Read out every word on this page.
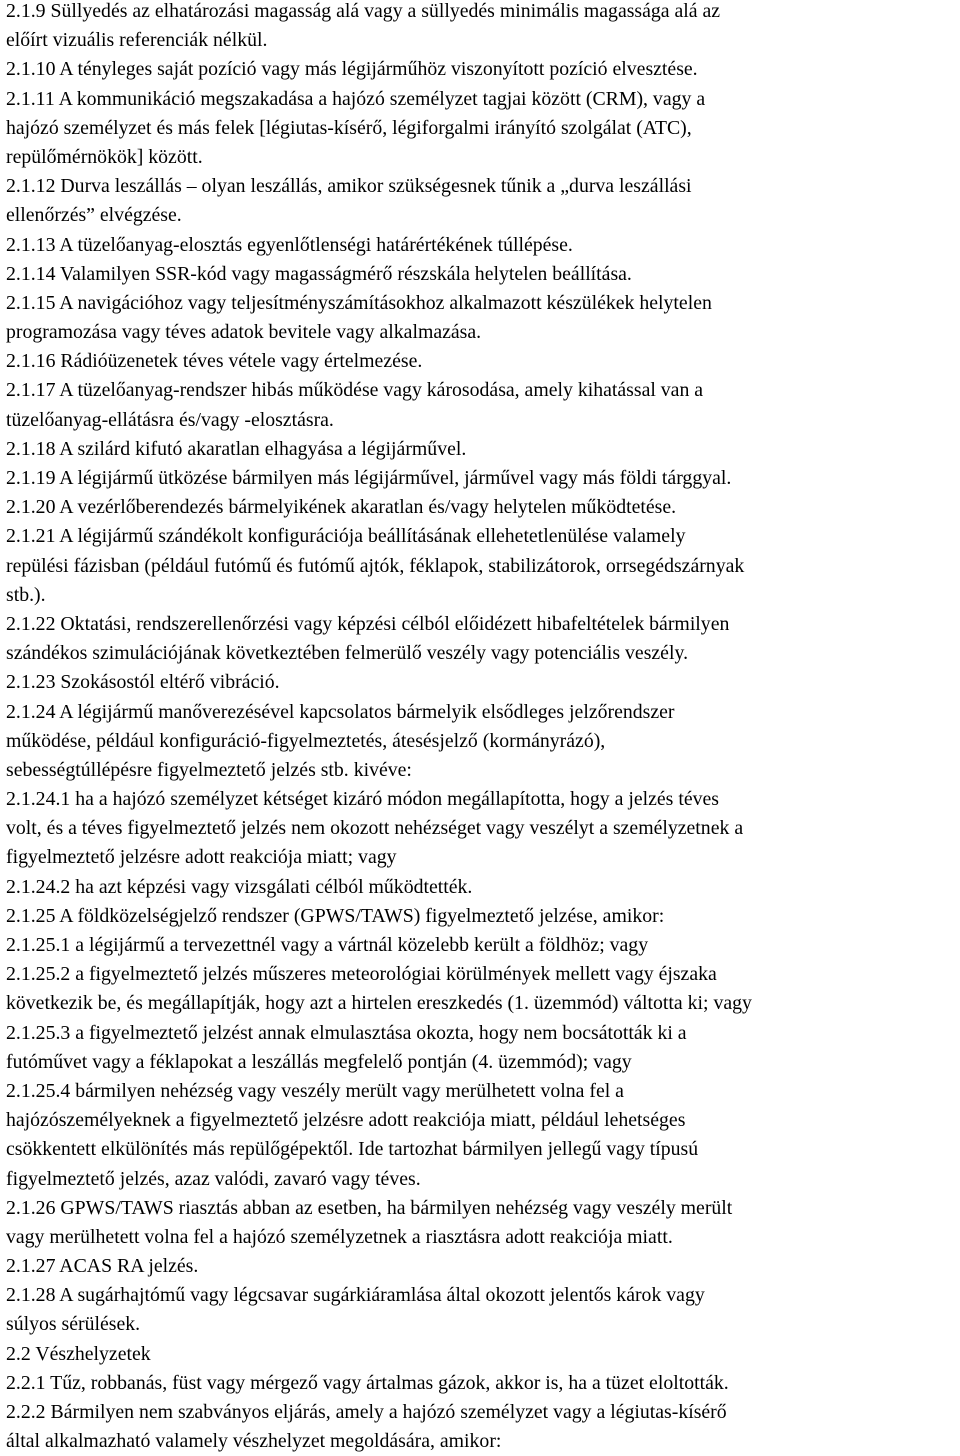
2.1.9 Süllyedés az elhatározási magasság alá vagy a süllyedés minimális magassága alá az
előírt vizuális referenciák nélkül.
2.1.10 A tényleges saját pozíció vagy más légijárműhöz viszonyított pozíció elvesztése.
2.1.11 A kommunikáció megszakadása a hajózó személyzet tagjai között (CRM), vagy a
hajózó személyzet és más felek [légiutas-kísérő, légiforgalmi irányító szolgálat (ATC),
repülőmérnökök] között.
2.1.12 Durva leszállás – olyan leszállás, amikor szükségesnek tűnik a „durva leszállási
ellenőrzés” elvégzése.
2.1.13 A tüzelőanyag-elosztás egyenlőtlenségi határértékének túllépése.
2.1.14 Valamilyen SSR-kód vagy magasságmérő részskála helytelen beállítása.
2.1.15 A navigációhoz vagy teljesítményszámításokhoz alkalmazott készülékek helytelen
programozása vagy téves adatok bevitele vagy alkalmazása.
2.1.16 Rádióüzenetek téves vétele vagy értelmezése.
2.1.17 A tüzelőanyag-rendszer hibás működése vagy károsodása, amely kihatással van a
tüzelőanyag-ellátásra és/vagy -elosztásra.
2.1.18 A szilárd kifutó akaratlan elhagyása a légijárművel.
2.1.19 A légijármű ütközése bármilyen más légijárművel, járművel vagy más földi tárggyal.
2.1.20 A vezérlőberendezés bármelyikének akaratlan és/vagy helytelen működtetése.
2.1.21 A légijármű szándékolt konfigurációja beállításának ellehetetlenülése valamely
repülési fázisban (például futómű és futómű ajtók, féklapok, stabilizátorok, orrsegédszárnyak
stb.).
2.1.22 Oktatási, rendszerellenőrzési vagy képzési célból előidézett hibafeltételek bármilyen
szándékos szimulációjának következtében felmerülő veszély vagy potenciális veszély.
2.1.23 Szokásostól eltérő vibráció.
2.1.24 A légijármű manőverezésével kapcsolatos bármelyik elsődleges jelzőrendszer
működése, például konfiguráció-figyelmeztetés, átesésjelző (kormányrázó),
sebességtúllépésre figyelmeztető jelzés stb. kivéve:
2.1.24.1 ha a hajózó személyzet kétséget kizáró módon megállapította, hogy a jelzés téves
volt, és a téves figyelmeztető jelzés nem okozott nehézséget vagy veszélyt a személyzetnek a
figyelmeztető jelzésre adott reakciója miatt; vagy
2.1.24.2 ha azt képzési vagy vizsgálati célból működtették.
2.1.25 A földközelségjelző rendszer (GPWS/TAWS) figyelmeztető jelzése, amikor:
2.1.25.1 a légijármű a tervezettnél vagy a vártnál közelebb került a földhöz; vagy
2.1.25.2 a figyelmeztető jelzés műszeres meteorológiai körülmények mellett vagy éjszaka
következik be, és megállapítják, hogy azt a hirtelen ereszkedés (1. üzemmód) váltotta ki; vagy
2.1.25.3 a figyelmeztető jelzést annak elmulasztása okozta, hogy nem bocsátották ki a
futóművet vagy a féklapokat a leszállás megfelelő pontján (4. üzemmód); vagy
2.1.25.4 bármilyen nehézség vagy veszély merült vagy merülhetett volna fel a
hajózószemélyeknek a figyelmeztető jelzésre adott reakciója miatt, például lehetséges
csökkentett elkülönítés más repülőgépektől. Ide tartozhat bármilyen jellegű vagy típusú
figyelmeztető jelzés, azaz valódi, zavaró vagy téves.
2.1.26 GPWS/TAWS riasztás abban az esetben, ha bármilyen nehézség vagy veszély merült
vagy merülhetett volna fel a hajózó személyzetnek a riasztásra adott reakciója miatt.
2.1.27 ACAS RA jelzés.
2.1.28 A sugárhajtómű vagy légcsavar sugárkiáramlása által okozott jelentős károk vagy
súlyos sérülések.
2.2 Vészhelyzetek
2.2.1 Tűz, robbanás, füst vagy mérgező vagy ártalmas gázok, akkor is, ha a tüzet eloltották.
2.2.2 Bármilyen nem szabványos eljárás, amely a hajózó személyzet vagy a légiutas-kísérő
által alkalmazható valamely vészhelyzet megoldására, amikor:
